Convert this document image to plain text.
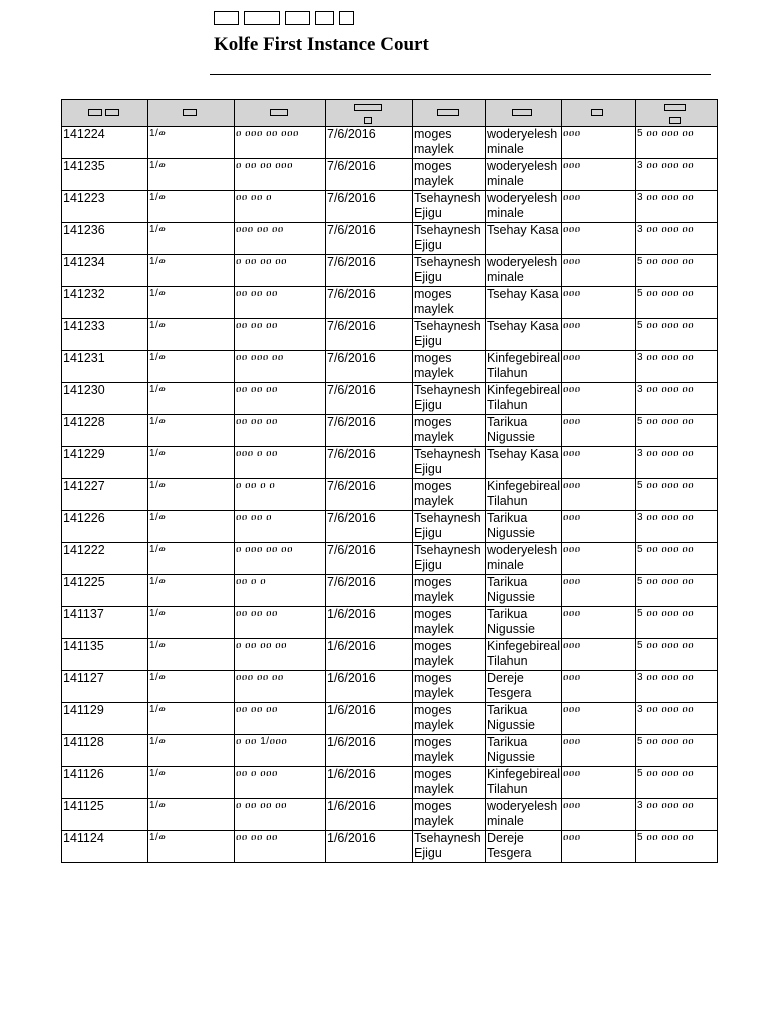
Kolfe First Instance Court

141224	1/ወ	ዐ ዐዐዐ ዐዐ ዐዐዐ	7/6/2016	moges maylek	woderyelesh minale	ዐዐዐ	5 ዐዐ ዐዐዐ ዐዐ
141235	1/ወ	ዐ ዐዐ ዐዐ ዐዐዐ	7/6/2016	moges maylek	woderyelesh minale	ዐዐዐ	3 ዐዐ ዐዐዐ ዐዐ
141223	1/ወ	ዐዐ ዐዐ ዐ	7/6/2016	Tsehaynesh Ejigu	woderyelesh minale	ዐዐዐ	3 ዐዐ ዐዐዐ ዐዐ
141236	1/ወ	ዐዐዐ ዐዐ ዐዐ	7/6/2016	Tsehaynesh Ejigu	Tsehay Kasa	ዐዐዐ	3 ዐዐ ዐዐዐ ዐዐ
141234	1/ወ	ዐ ዐዐ ዐዐ ዐዐ	7/6/2016	Tsehaynesh Ejigu	woderyelesh minale	ዐዐዐ	5 ዐዐ ዐዐዐ ዐዐ
141232	1/ወ	ዐዐ ዐዐ ዐዐ	7/6/2016	moges maylek	Tsehay Kasa	ዐዐዐ	5 ዐዐ ዐዐዐ ዐዐ
141233	1/ወ	ዐዐ ዐዐ ዐዐ	7/6/2016	Tsehaynesh Ejigu	Tsehay Kasa	ዐዐዐ	5 ዐዐ ዐዐዐ ዐዐ
141231	1/ወ	ዐዐ ዐዐዐ ዐዐ	7/6/2016	moges maylek	Kinfegebireal Tilahun	ዐዐዐ	3 ዐዐ ዐዐዐ ዐዐ
141230	1/ወ	ዐዐ ዐዐ ዐዐ	7/6/2016	Tsehaynesh Ejigu	Kinfegebireal Tilahun	ዐዐዐ	3 ዐዐ ዐዐዐ ዐዐ
141228	1/ወ	ዐዐ ዐዐ ዐዐ	7/6/2016	moges maylek	Tarikua Nigussie	ዐዐዐ	5 ዐዐ ዐዐዐ ዐዐ
141229	1/ወ	ዐዐዐ ዐ ዐዐ	7/6/2016	Tsehaynesh Ejigu	Tsehay Kasa	ዐዐዐ	3 ዐዐ ዐዐዐ ዐዐ
141227	1/ወ	ዐ ዐዐ ዐ ዐ	7/6/2016	moges maylek	Kinfegebireal Tilahun	ዐዐዐ	5 ዐዐ ዐዐዐ ዐዐ
141226	1/ወ	ዐዐ ዐዐ ዐ	7/6/2016	Tsehaynesh Ejigu	Tarikua Nigussie	ዐዐዐ	3 ዐዐ ዐዐዐ ዐዐ
141222	1/ወ	ዐ ዐዐዐ ዐዐ ዐዐ	7/6/2016	Tsehaynesh Ejigu	woderyelesh minale	ዐዐዐ	5 ዐዐ ዐዐዐ ዐዐ
141225	1/ወ	ዐዐ ዐ ዐ	7/6/2016	moges maylek	Tarikua Nigussie	ዐዐዐ	5 ዐዐ ዐዐዐ ዐዐ
141137	1/ወ	ዐዐ ዐዐ ዐዐ	1/6/2016	moges maylek	Tarikua Nigussie	ዐዐዐ	5 ዐዐ ዐዐዐ ዐዐ
141135	1/ወ	ዐ ዐዐ ዐዐ ዐዐ	1/6/2016	moges maylek	Kinfegebireal Tilahun	ዐዐዐ	5 ዐዐ ዐዐዐ ዐዐ
141127	1/ወ	ዐዐዐ ዐዐ ዐዐ	1/6/2016	moges maylek	Dereje Tesgera	ዐዐዐ	3 ዐዐ ዐዐዐ ዐዐ
141129	1/ወ	ዐዐ ዐዐ ዐዐ	1/6/2016	moges maylek	Tarikua Nigussie	ዐዐዐ	3 ዐዐ ዐዐዐ ዐዐ
141128	1/ወ	ዐ ዐዐ 1/ዐዐዐ	1/6/2016	moges maylek	Tarikua Nigussie	ዐዐዐ	5 ዐዐ ዐዐዐ ዐዐ
141126	1/ወ	ዐዐ ዐ ዐዐዐ	1/6/2016	moges maylek	Kinfegebireal Tilahun	ዐዐዐ	5 ዐዐ ዐዐዐ ዐዐ
141125	1/ወ	ዐ ዐዐ ዐዐ ዐዐ	1/6/2016	moges maylek	woderyelesh minale	ዐዐዐ	3 ዐዐ ዐዐዐ ዐዐ
141124	1/ወ	ዐዐ ዐዐ ዐዐ	1/6/2016	Tsehaynesh Ejigu	Dereje Tesgera	ዐዐዐ	5 ዐዐ ዐዐዐ ዐዐ
